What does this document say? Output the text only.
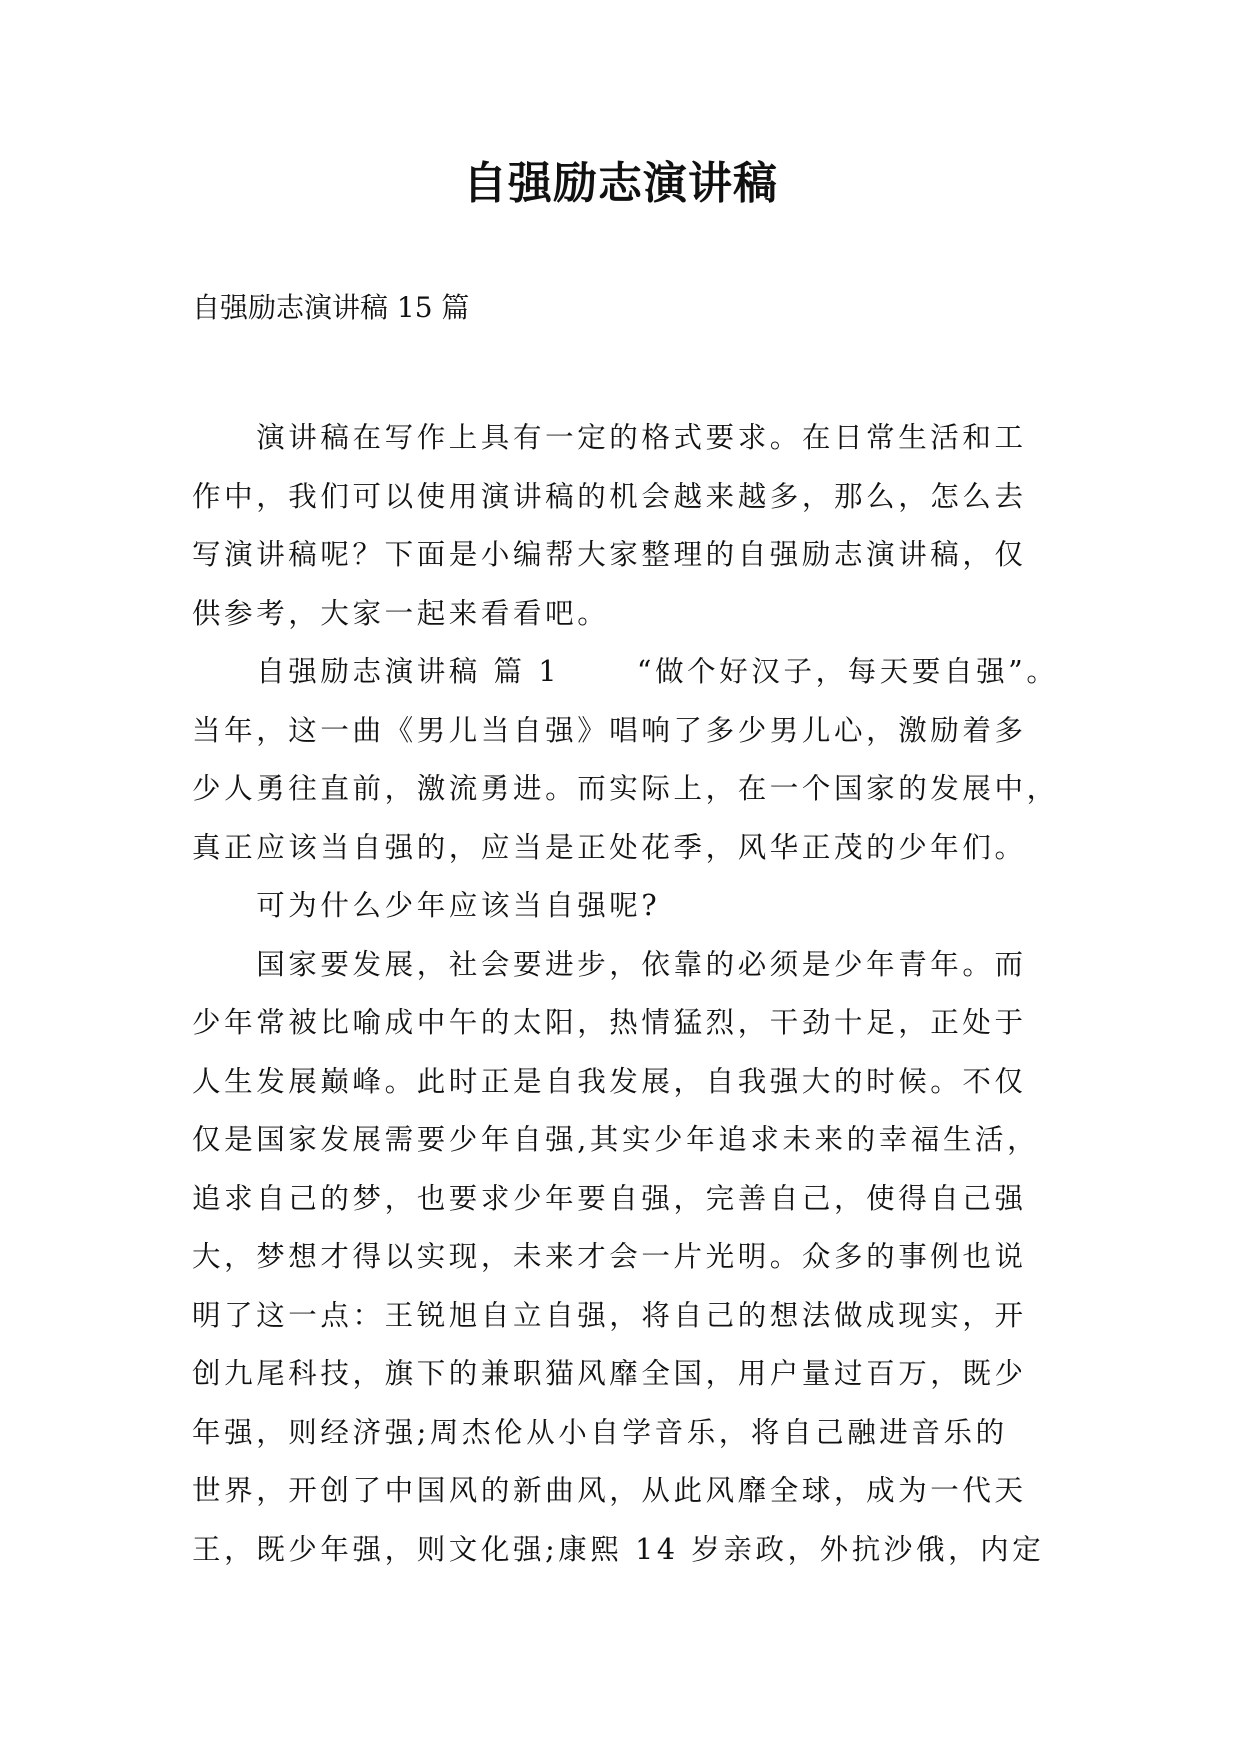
自强励志演讲稿

自强励志演讲稿 15 篇

　　演讲稿在写作上具有一定的格式要求。在日常生活和工
作中，我们可以使用演讲稿的机会越来越多，那么，怎么去
写演讲稿呢？下面是小编帮大家整理的自强励志演讲稿，仅
供参考，大家一起来看看吧。
　　自强励志演讲稿 篇 1 　　“做个好汉子，每天要自强”。
当年，这一曲《男儿当自强》唱响了多少男儿心，激励着多
少人勇往直前，激流勇进。而实际上，在一个国家的发展中，
真正应该当自强的，应当是正处花季，风华正茂的少年们。
　　可为什么少年应该当自强呢?
　　国家要发展，社会要进步，依靠的必须是少年青年。而
少年常被比喻成中午的太阳，热情猛烈，干劲十足，正处于
人生发展巅峰。此时正是自我发展，自我强大的时候。不仅
仅是国家发展需要少年自强,其实少年追求未来的幸福生活，
追求自己的梦，也要求少年要自强，完善自己，使得自己强
大，梦想才得以实现，未来才会一片光明。众多的事例也说
明了这一点：王锐旭自立自强，将自己的想法做成现实，开
创九尾科技，旗下的兼职猫风靡全国，用户量过百万，既少
年强，则经济强;周杰伦从小自学音乐，将自己融进音乐的
世界，开创了中国风的新曲风，从此风靡全球，成为一代天
王，既少年强，则文化强;康熙 14 岁亲政，外抗沙俄，内定
